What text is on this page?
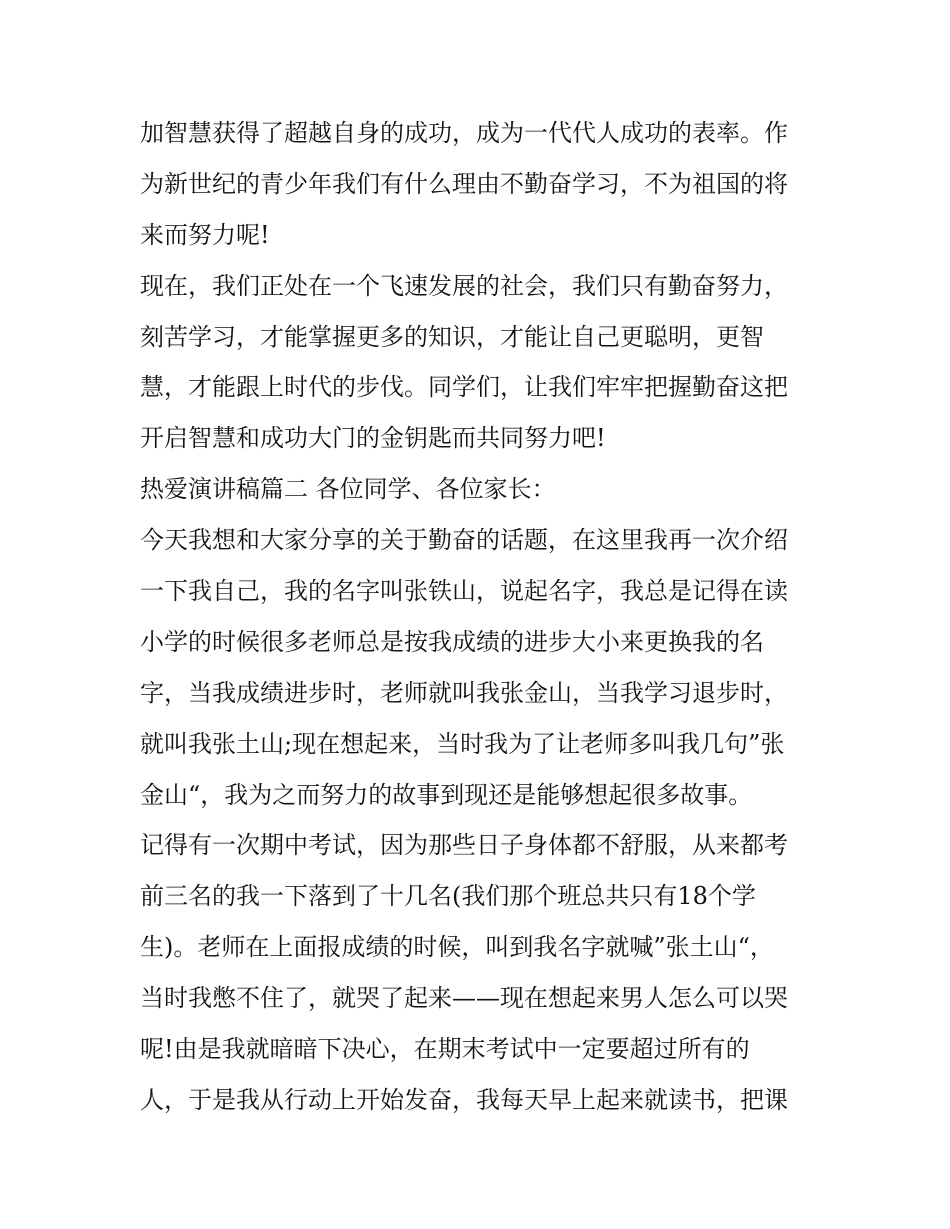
加智慧获得了超越自身的成功，成为一代代人成功的表率。作
为新世纪的青少年我们有什么理由不勤奋学习，不为祖国的将
来而努力呢!
现在，我们正处在一个飞速发展的社会，我们只有勤奋努力，
刻苦学习，才能掌握更多的知识，才能让自己更聪明，更智
慧，才能跟上时代的步伐。同学们，让我们牢牢把握勤奋这把
开启智慧和成功大门的金钥匙而共同努力吧!
热爱演讲稿篇二 各位同学、各位家长：
今天我想和大家分享的关于勤奋的话题，在这里我再一次介绍
一下我自己，我的名字叫张铁山，说起名字，我总是记得在读
小学的时候很多老师总是按我成绩的进步大小来更换我的名
字，当我成绩进步时，老师就叫我张金山，当我学习退步时，
就叫我张土山;现在想起来，当时我为了让老师多叫我几句”张
金山“，我为之而努力的故事到现还是能够想起很多故事。
记得有一次期中考试，因为那些日子身体都不舒服，从来都考
前三名的我一下落到了十几名(我们那个班总共只有18个学
生)。老师在上面报成绩的时候，叫到我名字就喊”张土山“，
当时我憋不住了，就哭了起来——现在想起来男人怎么可以哭
呢!由是我就暗暗下决心，在期末考试中一定要超过所有的
人，于是我从行动上开始发奋，我每天早上起来就读书，把课
